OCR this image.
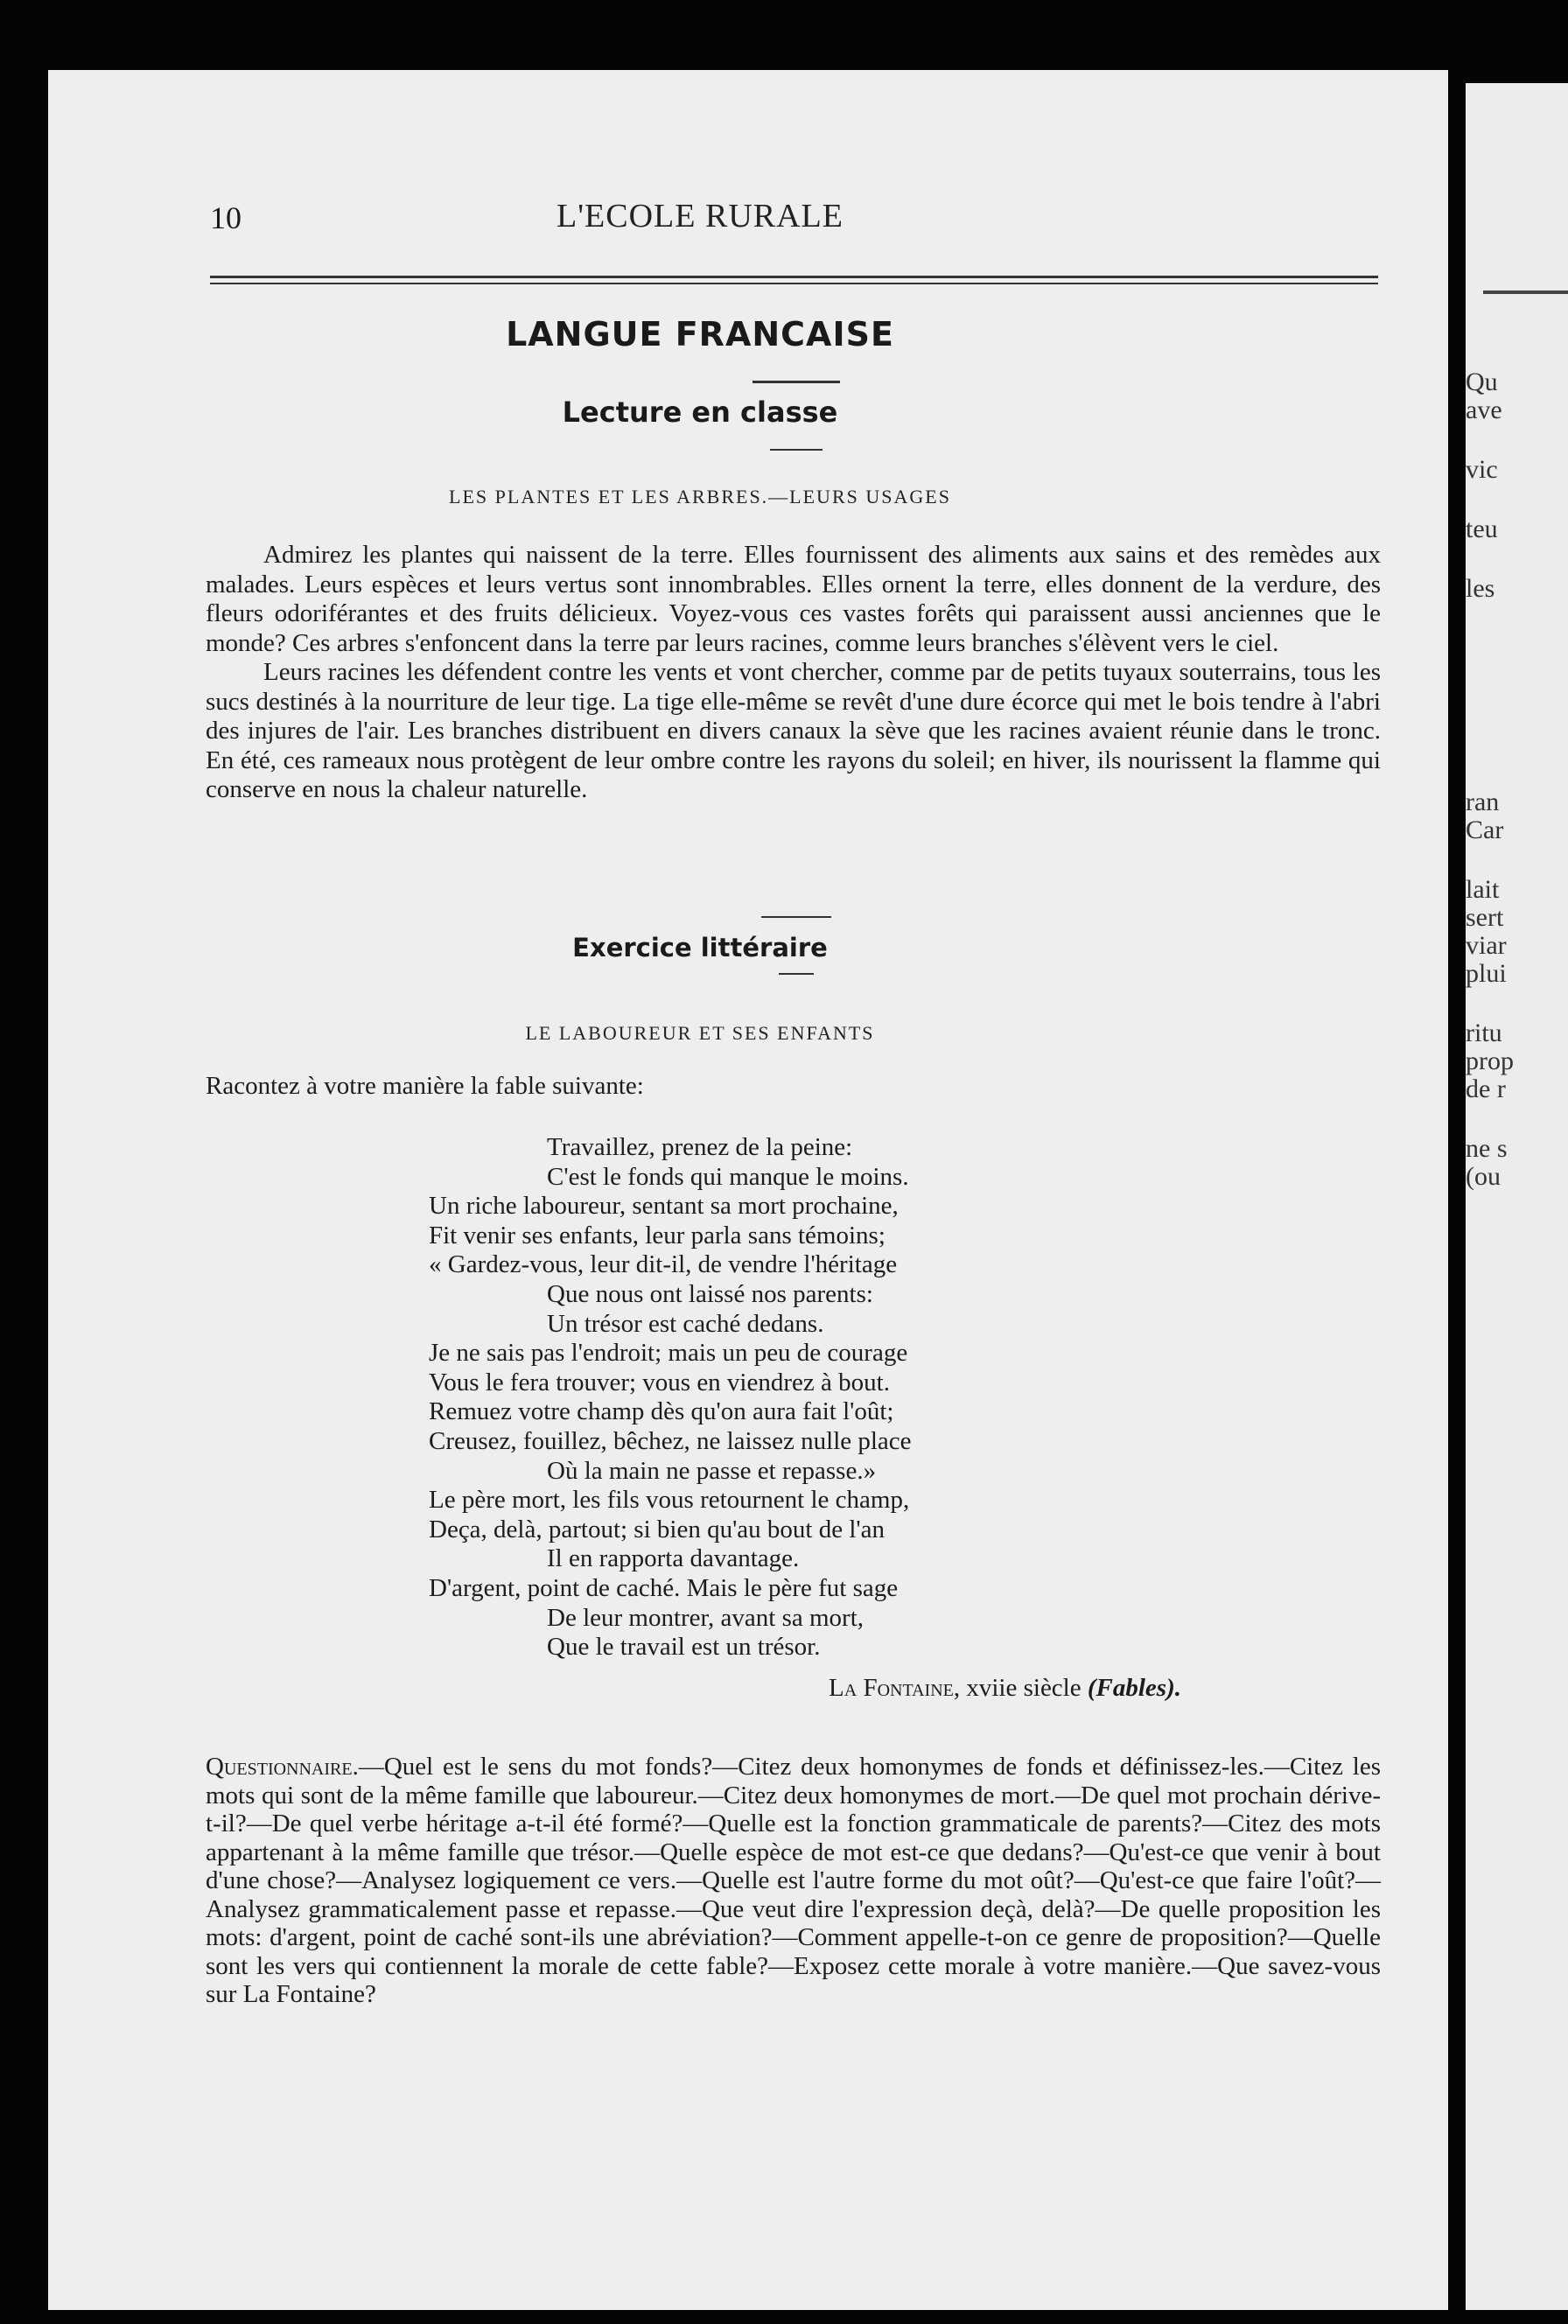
10	L'ECOLE RURALE
LANGUE FRANCAISE
Lecture en classe
LES PLANTES ET LES ARBRES.—LEURS USAGES

Admirez les plantes qui naissent de la terre. Elles fournissent des aliments aux sains et des remèdes aux malades. Leurs espèces et leurs vertus sont innombrables. Elles ornent la terre, elles donnent de la verdure, des fleurs odoriférantes et des fruits délicieux. Voyez-vous ces vastes forêts qui paraissent aussi anciennes que le monde? Ces arbres s'enfoncent dans la terre par leurs racines, comme leurs branches s'élèvent vers le ciel.

Leurs racines les défendent contre les vents et vont chercher, comme par de petits tuyaux souterrains, tous les sucs destinés à la nourriture de leur tige. La tige elle-même se revêt d'une dure écorce qui met le bois tendre à l'abri des injures de l'air. Les branches distribuent en divers canaux la sève que les racines avaient réunie dans le tronc. En été, ces rameaux nous protègent de leur ombre contre les rayons du soleil; en hiver, ils nourissent la flamme qui conserve en nous la chaleur naturelle.

Exercice littéraire
LE LABOUREUR ET SES ENFANTS
Racontez à votre manière la fable suivante:
Travaillez, prenez de la peine:
C'est le fonds qui manque le moins.
Un riche laboureur, sentant sa mort prochaine,
Fit venir ses enfants, leur parla sans témoins;
« Gardez-vous, leur dit-il, de vendre l'héritage
Que nous ont laissé nos parents:
Un trésor est caché dedans.
Je ne sais pas l'endroit; mais un peu de courage
Vous le fera trouver; vous en viendrez à bout.
Remuez votre champ dès qu'on aura fait l'oût;
Creusez, fouillez, bêchez, ne laissez nulle place
Où la main ne passe et repasse.»
Le père mort, les fils vous retournent le champ,
Deça, delà, partout; si bien qu'au bout de l'an
Il en rapporta davantage.
D'argent, point de caché. Mais le père fut sage
De leur montrer, avant sa mort,
Que le travail est un trésor.
La Fontaine, xviie siècle (Fables).
Questionnaire.—Quel est le sens du mot fonds?—Citez deux homonymes de fonds et définissez-les.—Citez les mots qui sont de la même famille que laboureur.—Citez deux homonymes de mort.—De quel mot prochain dérive-t-il?—De quel verbe héritage a-t-il été formé?—Quelle est la fonction grammaticale de parents?—Citez des mots appartenant à la même famille que trésor.—Quelle espèce de mot est-ce que dedans?—Qu'est-ce que venir à bout d'une chose?—Analysez logiquement ce vers.—Quelle est l'autre forme du mot oût?—Qu'est-ce que faire l'oût?—Analysez grammaticalement passe et repasse.—Que veut dire l'expression deçà, delà?—De quelle proposition les mots: d'argent, point de caché sont-ils une abréviation?—Comment appelle-t-on ce genre de proposition?—Quelle sont les vers qui contiennent la morale de cette fable?—Exposez cette morale à votre manière.—Que savez-vous sur La Fontaine?
Qu
ave
vic
teu
les
ran
Car
lait
sert
viar
plui
ritu
prop
de r
ne s
(ou
